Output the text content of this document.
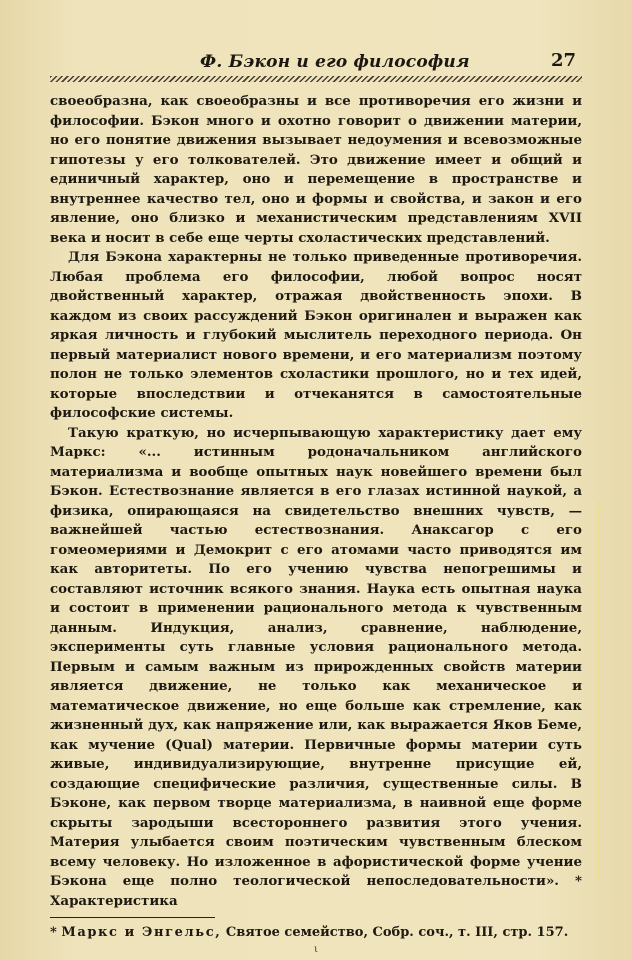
Ф. Бэкон и его философия	27

своеобразна, как своеобразны и все противоречия его жизни и философии. Бэкон много и охотно говорит о движении материи, но его понятие движения вызывает недоумения и всевозможные гипотезы у его толкователей. Это движение имеет и общий и единичный характер, оно и перемещение в пространстве и внутреннее качество тел, оно и формы и свойства, и закон и его явление, оно близко и механистическим представлениям XVII века и носит в себе еще черты схоластических представлений.

Для Бэкона характерны не только приведенные противоречия. Любая проблема его философии, любой вопрос носят двойственный характер, отражая двойственность эпохи. В каждом из своих рассуждений Бэкон оригинален и выражен как яркая личность и глубокий мыслитель переходного периода. Он первый материалист нового времени, и его материализм поэтому полон не только элементов схоластики прошлого, но и тех идей, которые впоследствии и отчеканятся в самостоятельные философские системы.

Такую краткую, но исчерпывающую характеристику дает ему Маркс: «... истинным родоначальником английского материализма и вообще опытных наук новейшего времени был Бэкон. Естествознание является в его глазах истинной наукой, а физика, опирающаяся на свидетельство внешних чувств, — важнейшей частью естествознания. Анаксагор с его гомеомериями и Демокрит с его атомами часто приводятся им как авторитеты. По его учению чувства непогрешимы и составляют источник всякого знания. Наука есть опытная наука и состоит в применении рационального метода к чувственным данным. Индукция, анализ, сравнение, наблюдение, эксперименты суть главные условия рационального метода. Первым и самым важным из прирожденных свойств материи является движение, не только как механическое и математическое движение, но еще больше как стремление, как жизненный дух, как напряжение или, как выражается Яков Беме, как мучение (Qual) материи. Первичные формы материи суть живые, индивидуализирующие, внутренне присущие ей, создающие специфические различия, существенные силы. В Бэконе, как первом творце материализма, в наивной еще форме скрыты зародыши всестороннего развития этого учения. Материя улыбается своим поэтическим чувственным блеском всему человеку. Но изложенное в афористической форме учение Бэкона еще полно теологической непоследовательности». * Характеристика

* Маркс и Энгельс, Святое семейство, Собр. соч., т. III, стр. 157.
ι
